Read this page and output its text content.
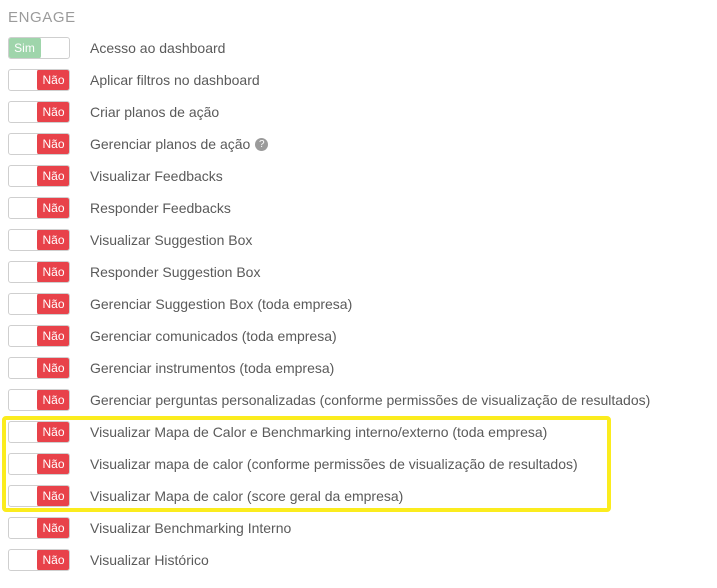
ENGAGE
Sim	Acesso ao dashboard
Não	Aplicar filtros no dashboard
Não	Criar planos de ação
Não	Gerenciar planos de ação ?
Não	Visualizar Feedbacks
Não	Responder Feedbacks
Não	Visualizar Suggestion Box
Não	Responder Suggestion Box
Não	Gerenciar Suggestion Box (toda empresa)
Não	Gerenciar comunicados (toda empresa)
Não	Gerenciar instrumentos (toda empresa)
Não	Gerenciar perguntas personalizadas (conforme permissões de visualização de resultados)
Não	Visualizar Mapa de Calor e Benchmarking interno/externo (toda empresa)
Não	Visualizar mapa de calor (conforme permissões de visualização de resultados)
Não	Visualizar Mapa de calor (score geral da empresa)
Não	Visualizar Benchmarking Interno
Não	Visualizar Histórico
